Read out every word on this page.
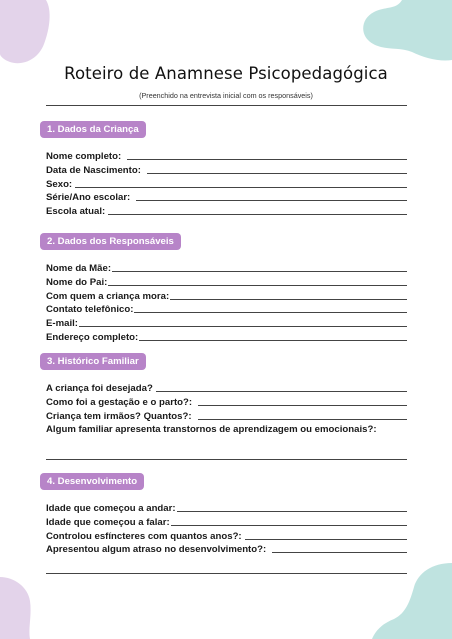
Roteiro de Anamnese Psicopedagógica
(Preenchido na entrevista inicial com os responsáveis)
1. Dados da Criança
Nome completo:
Data de Nascimento:
Sexo:
Série/Ano escolar:
Escola atual:
2. Dados dos Responsáveis
Nome da Mãe:
Nome do Pai:
Com quem a criança mora:
Contato telefônico:
E-mail:
Endereço completo:
3. Histórico Familiar
A criança foi desejada?
Como foi a gestação e o parto?:
Criança tem irmãos? Quantos?:
Algum familiar apresenta transtornos de aprendizagem ou emocionais?:
4. Desenvolvimento
Idade que começou a andar:
Idade que começou a falar:
Controlou esfíncteres com quantos anos?:
Apresentou algum atraso no desenvolvimento?:
